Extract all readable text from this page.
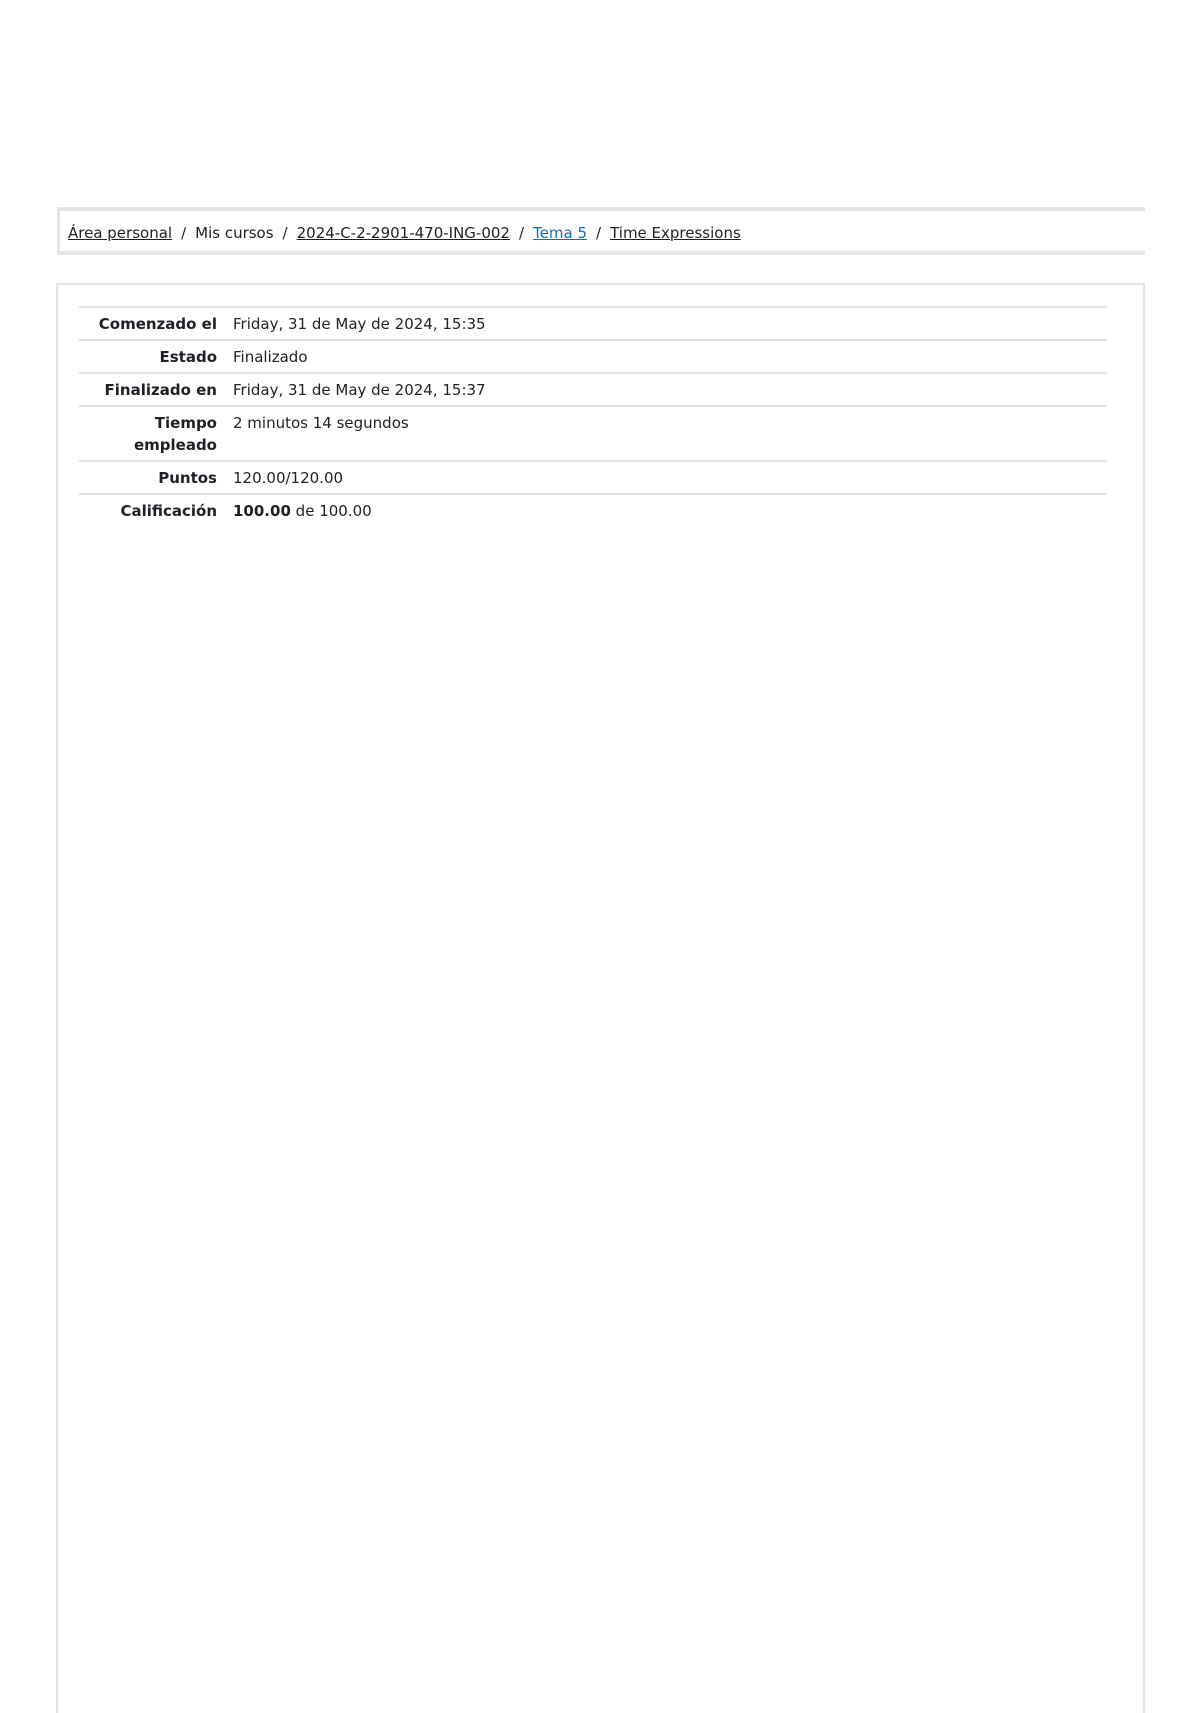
Área personal / Mis cursos / 2024-C-2-2901-470-ING-002 / Tema 5 / Time Expressions
Comenzado el	Friday, 31 de May de 2024, 15:35
Estado	Finalizado
Finalizado en	Friday, 31 de May de 2024, 15:37
Tiempo
empleado	2 minutos 14 segundos
Puntos	120.00/120.00
Calificación	100.00 de 100.00
